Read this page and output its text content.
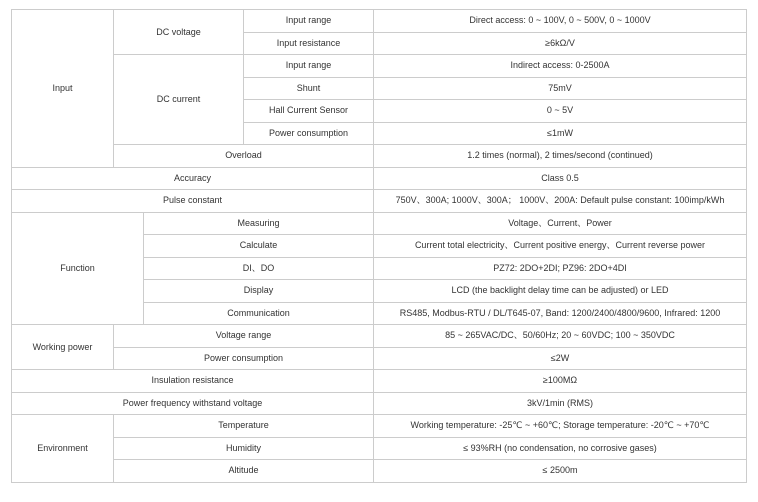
Input	DC voltage		Input range	Direct access: 0 ~ 100V, 0 ~ 500V, 0 ~ 1000V
			Input resistance	≥6kΩ/V
	DC current		Input range	Indirect access: 0-2500A
			Shunt	75mV
			Hall Current Sensor	0 ~ 5V
			Power consumption	≤1mW
	Overload			1.2 times (normal), 2 times/second (continued)
Accuracy				Class 0.5
Pulse constant				750V、300A; 1000V、300A； 1000V、200A: Default pulse constant: 100imp/kWh
Function		Measuring		Voltage、Current、Power
		Calculate		Current total electricity、Current positive energy、Current reverse power
		DI、DO		PZ72: 2DO+2DI; PZ96: 2DO+4DI
		Display		LCD (the backlight delay time can be adjusted) or LED
		Communication		RS485, Modbus-RTU / DL/T645-07, Band: 1200/2400/4800/9600, Infrared: 1200
Working power	Voltage range			85 ~ 265VAC/DC、50/60Hz; 20 ~ 60VDC; 100 ~ 350VDC
	Power consumption			≤2W
Insulation resistance				≥100MΩ
Power frequency withstand voltage				3kV/1min (RMS)
Environment	Temperature			Working temperature: -25℃ ~ +60℃; Storage temperature: -20℃ ~ +70℃
	Humidity			≤ 93%RH (no condensation, no corrosive gases)
	Altitude			≤ 2500m
